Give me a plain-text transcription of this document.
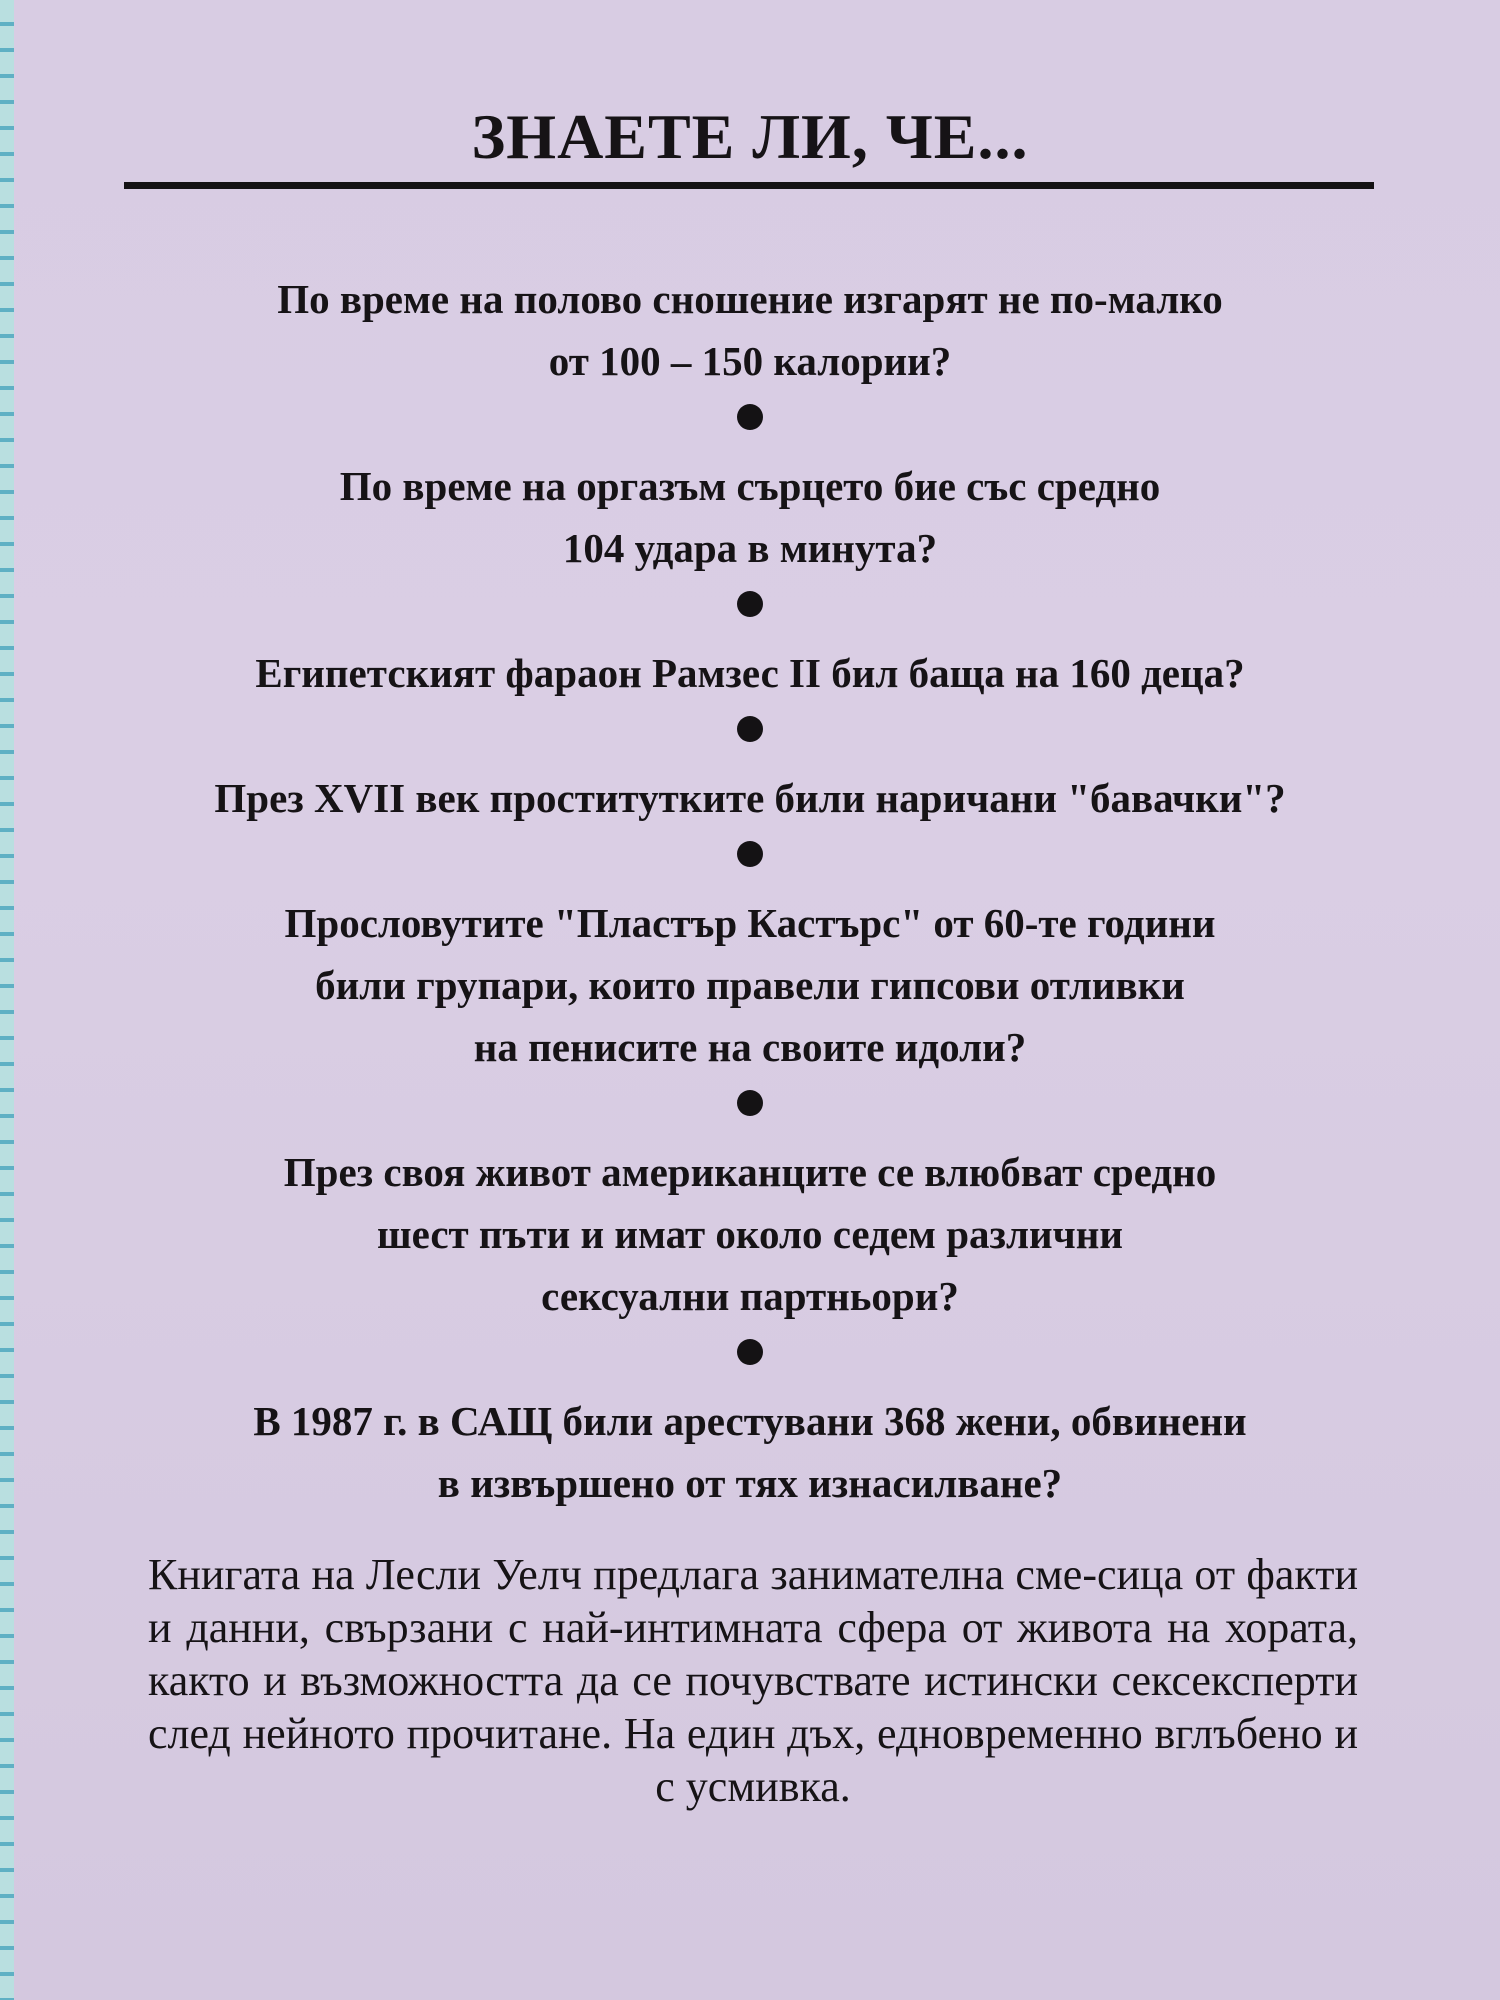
ЗНАЕТЕ ЛИ, ЧЕ...
По време на полово сношение изгарят не по-малко
от 100 – 150 калории?
По време на оргазъм сърцето бие със средно
104 удара в минута?
Египетският фараон Рамзес II бил баща на 160 деца?
През XVII век проститутките били наричани "бавачки"?
Прословутите "Пластър Кастърс" от 60-те години
били групари, които правели гипсови отливки
на пенисите на своите идоли?
През своя живот американците се влюбват средно
шест пъти и имат около седем различни
сексуални партньори?
В 1987 г. в САЩ били арестувани 368 жени, обвинени
в извършено от тях изнасилване?
Книгата на Лесли Уелч предлага занимателна сме-сица от факти и данни, свързани с най-интимната сфера от живота на хората, както и възможността да се почувствате истински сексексперти след нейното прочитане. На един дъх, едновременно вглъбено и с усмивка.
